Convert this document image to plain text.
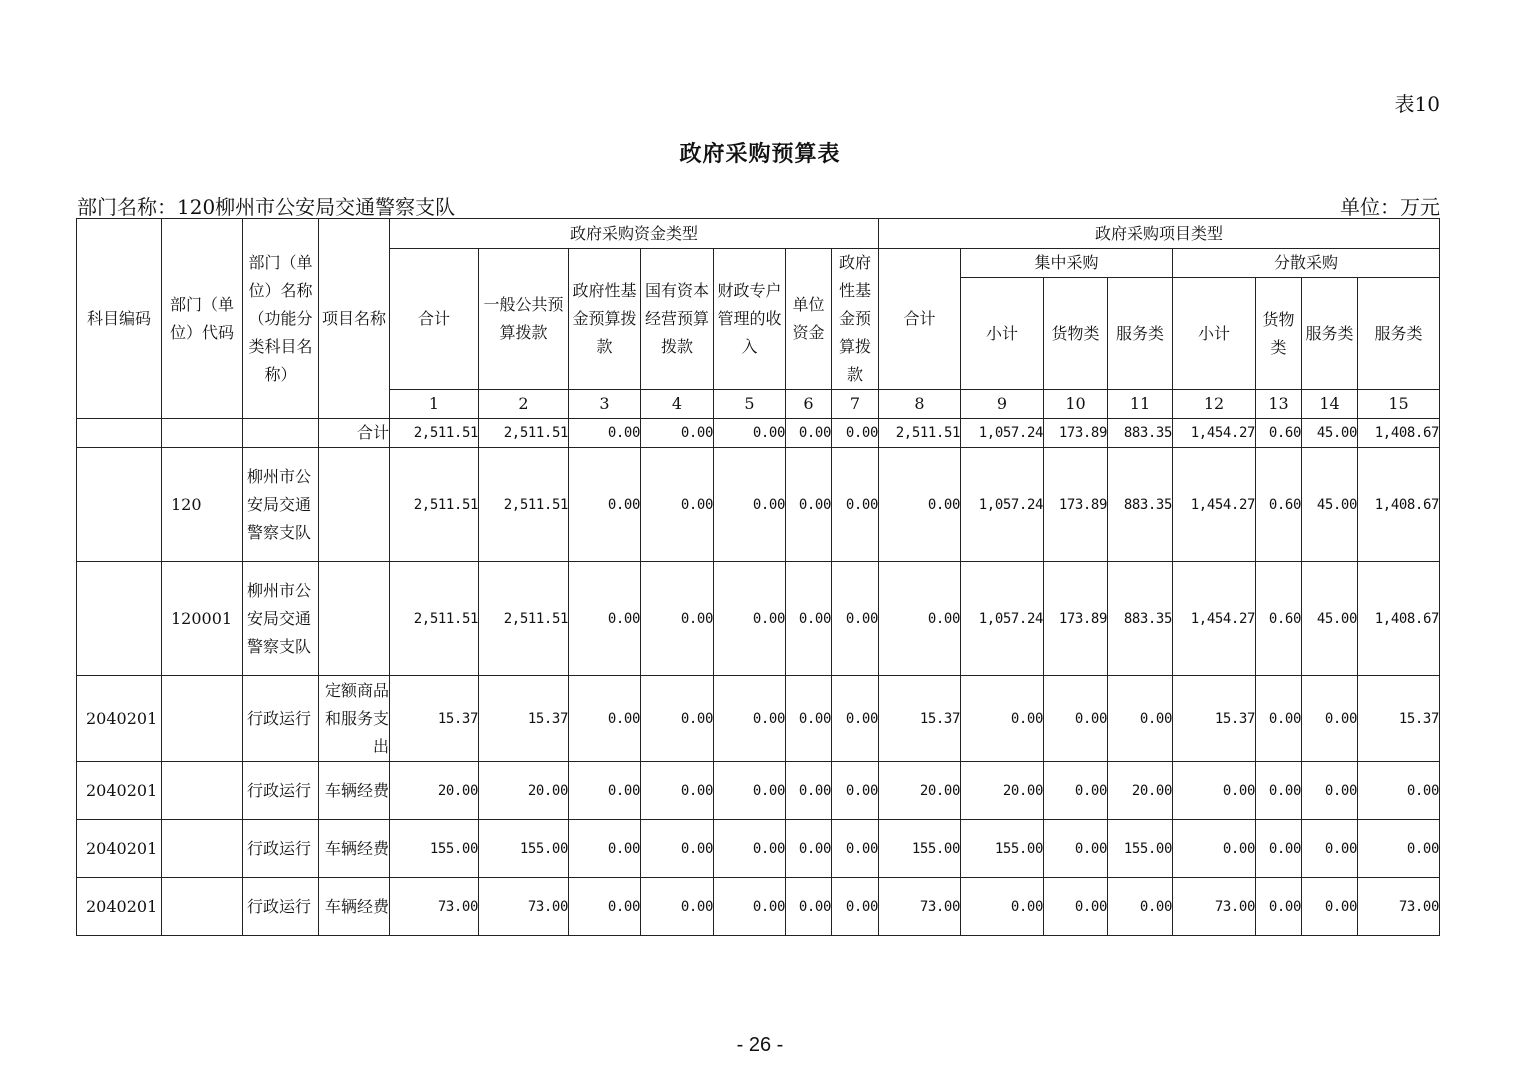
表10
政府采购预算表
部门名称：120柳州市公安局交通警察支队	单位：万元
科目编码	部门（单位）代码	部门（单位）名称（功能分类科目名称）	项目名称	政府采购资金类型							政府采购项目类型							
				合计	一般公共预算拨款	政府性基金预算拨款	国有资本经营预算拨款	财政专户管理的收入	单位资金	政府性基金预算拨款	合计	集中采购			分散采购			
												小计	货物类	服务类	小计	货物类	服务类	服务类
				1	2	3	4	5	6	7	8	9	10	11	12	13	14	15
			合计	2,511.51	2,511.51	0.00	0.00	0.00	0.00	0.00	2,511.51	1,057.24	173.89	883.35	1,454.27	0.60	45.00	1,408.67
	120	柳州市公安局交通警察支队		2,511.51	2,511.51	0.00	0.00	0.00	0.00	0.00	0.00	1,057.24	173.89	883.35	1,454.27	0.60	45.00	1,408.67
	120001	柳州市公安局交通警察支队		2,511.51	2,511.51	0.00	0.00	0.00	0.00	0.00	0.00	1,057.24	173.89	883.35	1,454.27	0.60	45.00	1,408.67
2040201		行政运行	定额商品和服务支出	15.37	15.37	0.00	0.00	0.00	0.00	0.00	15.37	0.00	0.00	0.00	15.37	0.00	0.00	15.37
2040201		行政运行	车辆经费	20.00	20.00	0.00	0.00	0.00	0.00	0.00	20.00	20.00	0.00	20.00	0.00	0.00	0.00	0.00
2040201		行政运行	车辆经费	155.00	155.00	0.00	0.00	0.00	0.00	0.00	155.00	155.00	0.00	155.00	0.00	0.00	0.00	0.00
2040201		行政运行	车辆经费	73.00	73.00	0.00	0.00	0.00	0.00	0.00	73.00	0.00	0.00	0.00	73.00	0.00	0.00	73.00
- 26 -
